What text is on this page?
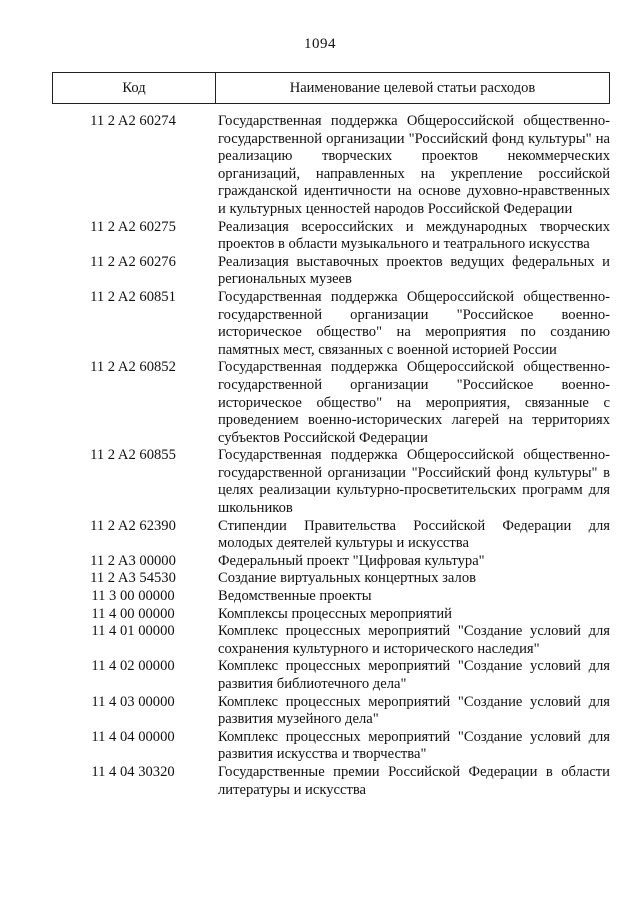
1094
Код	Наименование целевой статьи расходов
11 2 A2 60274	Государственная поддержка Общероссийской общественно-государственной организации "Российский фонд культуры" на реализацию творческих проектов некоммерческих организаций, направленных на укрепление российской гражданской идентичности на основе духовно-нравственных и культурных ценностей народов Российской Федерации
11 2 A2 60275	Реализация всероссийских и международных творческих проектов в области музыкального и театрального искусства
11 2 A2 60276	Реализация выставочных проектов ведущих федеральных и региональных музеев
11 2 A2 60851	Государственная поддержка Общероссийской общественно-государственной организации "Российское военно-историческое общество" на мероприятия по созданию памятных мест, связанных с военной историей России
11 2 A2 60852	Государственная поддержка Общероссийской общественно-государственной организации "Российское военно-историческое общество" на мероприятия, связанные с проведением военно-исторических лагерей на территориях субъектов Российской Федерации
11 2 A2 60855	Государственная поддержка Общероссийской общественно-государственной организации "Российский фонд культуры" в целях реализации культурно-просветительских программ для школьников
11 2 A2 62390	Стипендии Правительства Российской Федерации для молодых деятелей культуры и искусства
11 2 A3 00000	Федеральный проект "Цифровая культура"
11 2 A3 54530	Создание виртуальных концертных залов
11 3 00 00000	Ведомственные проекты
11 4 00 00000	Комплексы процессных мероприятий
11 4 01 00000	Комплекс процессных мероприятий "Создание условий для сохранения культурного и исторического наследия"
11 4 02 00000	Комплекс процессных мероприятий "Создание условий для развития библиотечного дела"
11 4 03 00000	Комплекс процессных мероприятий "Создание условий для развития музейного дела"
11 4 04 00000	Комплекс процессных мероприятий "Создание условий для развития искусства и творчества"
11 4 04 30320	Государственные премии Российской Федерации в области литературы и искусства
